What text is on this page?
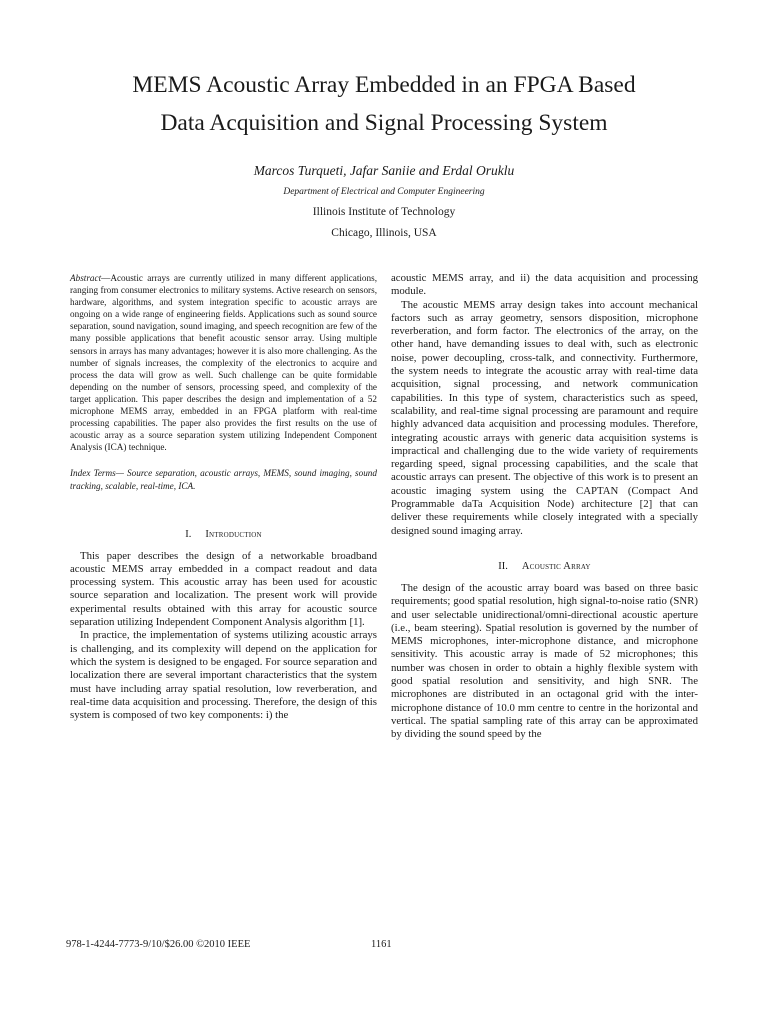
MEMS Acoustic Array Embedded in an FPGA Based
Data Acquisition and Signal Processing System
Marcos Turqueti, Jafar Saniie and Erdal Oruklu
Department of Electrical and Computer Engineering
Illinois Institute of Technology
Chicago, Illinois, USA

Abstract—Acoustic arrays are currently utilized in many different applications, ranging from consumer electronics to military systems. Active research on sensors, hardware, algorithms, and system integration specific to acoustic arrays are ongoing on a wide range of engineering fields. Applications such as sound source separation, sound navigation, sound imaging, and speech recognition are few of the many possible applications that benefit acoustic sensor array. Using multiple sensors in arrays has many advantages; however it is also more challenging. As the number of signals increases, the complexity of the electronics to acquire and process the data will grow as well. Such challenge can be quite formidable depending on the number of sensors, processing speed, and complexity of the target application. This paper describes the design and implementation of a 52 microphone MEMS array, embedded in an FPGA platform with real-time processing capabilities. The paper also provides the first results on the use of acoustic array as a source separation system utilizing Independent Component Analysis (ICA) technique.

Index Terms— Source separation, acoustic arrays, MEMS, sound imaging, sound tracking, scalable, real-time, ICA.

I. Introduction

This paper describes the design of a networkable broadband acoustic MEMS array embedded in a compact readout and data processing system. This acoustic array has been used for acoustic source separation and localization. The present work will provide experimental results obtained with this array for acoustic source separation utilizing Independent Component Analysis algorithm [1].

In practice, the implementation of systems utilizing acoustic arrays is challenging, and its complexity will depend on the application for which the system is designed to be engaged. For source separation and localization there are several important characteristics that the system must have including array spatial resolution, low reverberation, and real-time data acquisition and processing. Therefore, the design of this system is composed of two key components: i) the

acoustic MEMS array, and ii) the data acquisition and processing module.

The acoustic MEMS array design takes into account mechanical factors such as array geometry, sensors disposition, microphone reverberation, and form factor. The electronics of the array, on the other hand, have demanding issues to deal with, such as electronic noise, power decoupling, cross-talk, and connectivity. Furthermore, the system needs to integrate the acoustic array with real-time data acquisition, signal processing, and network communication capabilities. In this type of system, characteristics such as speed, scalability, and real-time signal processing are paramount and require highly advanced data acquisition and processing modules. Therefore, integrating acoustic arrays with generic data acquisition systems is impractical and challenging due to the wide variety of requirements regarding speed, signal processing capabilities, and the scale that acoustic arrays can present. The objective of this work is to present an acoustic imaging system using the CAPTAN (Compact And Programmable daTa Acquisition Node) architecture [2] that can deliver these requirements while closely integrated with a specially designed sound imaging array.

II. Acoustic Array

The design of the acoustic array board was based on three basic requirements; good spatial resolution, high signal-to-noise ratio (SNR) and user selectable unidirectional/omni-directional acoustic aperture (i.e., beam steering). Spatial resolution is governed by the number of MEMS microphones, inter-microphone distance, and microphone sensitivity. This acoustic array is made of 52 microphones; this number was chosen in order to obtain a highly flexible system with good spatial resolution and sensitivity, and high SNR. The microphones are distributed in an octagonal grid with the inter-microphone distance of 10.0 mm centre to centre in the horizontal and vertical. The spatial sampling rate of this array can be approximated by dividing the sound speed by the

978-1-4244-7773-9/10/$26.00 ©2010 IEEE	1161
